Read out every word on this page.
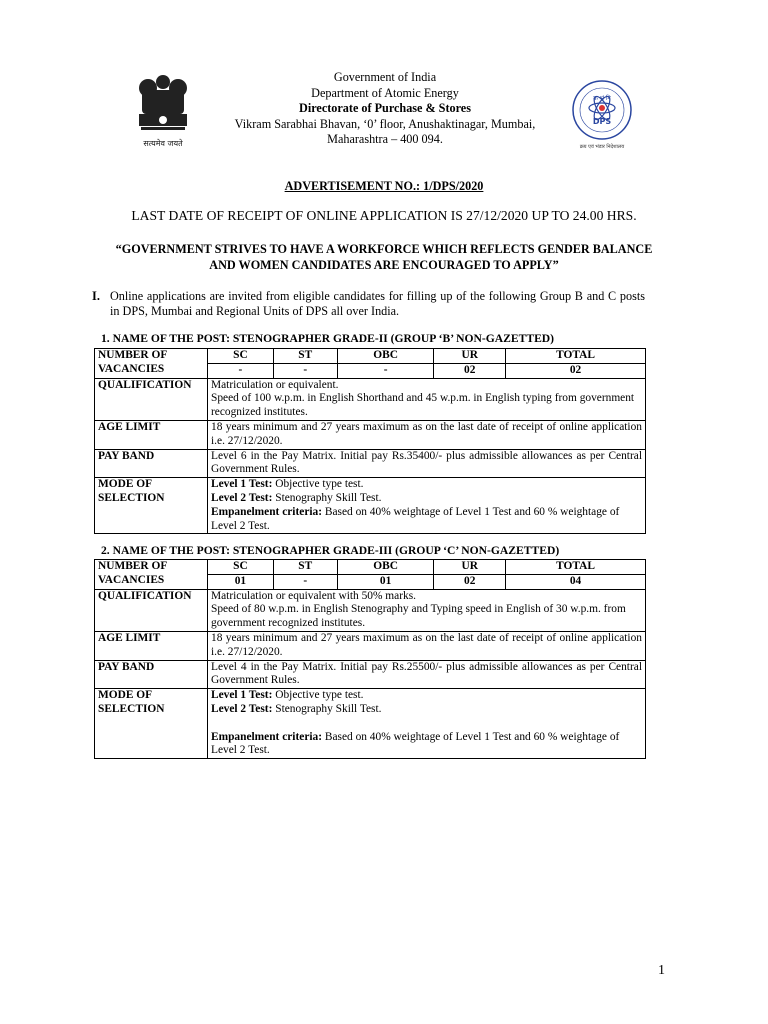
सत्यमेव जयते
Government of India
Department of Atomic Energy
Directorate of Purchase & Stores
Vikram Sarabhai Bhavan, ‘0’ floor, Anushaktinagar, Mumbai,
Maharashtra – 400 094.
क्र भं नि
DPS
क्रय एवं भंडार निदेशालय
ADVERTISEMENT NO.: 1/DPS/2020
LAST DATE OF RECEIPT OF ONLINE APPLICATION IS 27/12/2020 UP TO 24.00 HRS.
“GOVERNMENT STRIVES TO HAVE A WORKFORCE WHICH REFLECTS GENDER BALANCE AND WOMEN CANDIDATES ARE ENCOURAGED TO APPLY”
I. Online applications are invited from eligible candidates for filling up of the following Group B and C posts in DPS, Mumbai and Regional Units of DPS all over India.
1. NAME OF THE POST: STENOGRAPHER GRADE-II (GROUP ‘B’ NON-GAZETTED)
NUMBER OF VACANCIES	SC	ST	OBC	UR	TOTAL
	-	-	-	02	02
QUALIFICATION	Matriculation or equivalent.
Speed of 100 w.p.m. in English Shorthand and 45 w.p.m. in English typing from government recognized institutes.				

AGE LIMIT	18 years minimum and 27 years maximum as on the last date of receipt of online application i.e. 27/12/2020.				
PAY BAND	Level 6 in the Pay Matrix. Initial pay Rs.35400/- plus admissible allowances as per Central Government Rules.				
MODE OF SELECTION	Level 1 Test: Objective type test.
Level 2 Test: Stenography Skill Test.
Empanelment criteria: Based on 40% weightage of Level 1 Test and 60 % weightage of Level 2 Test.				
2. NAME OF THE POST: STENOGRAPHER GRADE-III (GROUP ‘C’ NON-GAZETTED)
NUMBER OF VACANCIES	SC	ST	OBC	UR	TOTAL
	01	-	01	02	04
QUALIFICATION	Matriculation or equivalent with 50% marks.
Speed of 80 w.p.m. in English Stenography and Typing speed in English of 30 w.p.m. from government recognized institutes.				

AGE LIMIT	18 years minimum and 27 years maximum as on the last date of receipt of online application i.e. 27/12/2020.				
PAY BAND	Level 4 in the Pay Matrix. Initial pay Rs.25500/- plus admissible allowances as per Central Government Rules.				
MODE OF SELECTION	Level 1 Test: Objective type test.
Level 2 Test: Stenography Skill Test.

Empanelment criteria: Based on 40% weightage of Level 1 Test and 60 % weightage of Level 2 Test.				
1
